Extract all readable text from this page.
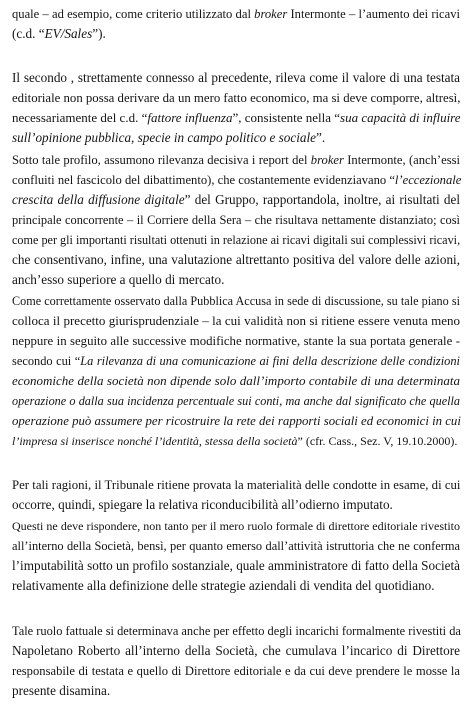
quale – ad esempio, come criterio utilizzato dal broker Intermonte – l’aumento dei ricavi
(c.d. “EV/Sales”).
Il secondo , strettamente connesso al precedente, rileva come il valore di una testata
editoriale non possa derivare da un mero fatto economico, ma si deve comporre, altresì,
necessariamente del c.d. “fattore influenza”, consistente nella “sua capacità di influire
sull’opinione pubblica, specie in campo politico e sociale”.
Sotto tale profilo, assumono rilevanza decisiva i report del broker Intermonte, (anch’essi
confluiti nel fascicolo del dibattimento), che costantemente evidenziavano “l’eccezionale
crescita della diffusione digitale” del Gruppo, rapportandola, inoltre, ai risultati del
principale concorrente – il Corriere della Sera – che risultava nettamente distanziato; così
come per gli importanti risultati ottenuti in relazione ai ricavi digitali sui complessivi ricavi,
che consentivano, infine, una valutazione altrettanto positiva del valore delle azioni,
anch’esso superiore a quello di mercato.
Come correttamente osservato dalla Pubblica Accusa in sede di discussione, su tale piano si
colloca il precetto giurisprudenziale – la cui validità non si ritiene essere venuta meno
neppure in seguito alle successive modifiche normative, stante la sua portata generale -
secondo cui “La rilevanza di una comunicazione ai fini della descrizione delle condizioni
economiche della società non dipende solo dall’importo contabile di una determinata
operazione o dalla sua incidenza percentuale sui conti, ma anche dal significato che quella
operazione può assumere per ricostruire la rete dei rapporti sociali ed economici in cui
l’impresa si inserisce nonché l’identità, stessa della società” (cfr. Cass., Sez. V, 19.10.2000).
Per tali ragioni, il Tribunale ritiene provata la materialità delle condotte in esame, di cui
occorre, quindi, spiegare la relativa riconducibilità all’odierno imputato.
Questi ne deve rispondere, non tanto per il mero ruolo formale di direttore editoriale rivestito
all’interno della Società, bensì, per quanto emerso dall’attività istruttoria che ne conferma
l’imputabilità sotto un profilo sostanziale, quale amministratore di fatto della Società
relativamente alla definizione delle strategie aziendali di vendita del quotidiano.
Tale ruolo fattuale si determinava anche per effetto degli incarichi formalmente rivestiti da
Napoletano Roberto all’interno della Società, che cumulava l’incarico di Direttore
responsabile di testata e quello di Direttore editoriale e da cui deve prendere le mosse la
presente disamina.
